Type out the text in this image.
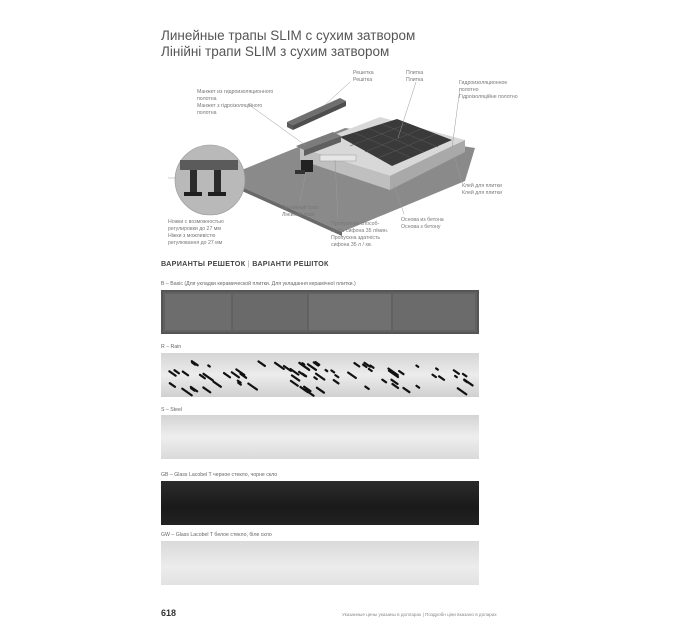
Линейные трапы SLIM с сухим затвором
Лінійні трапи SLIM з сухим затвором
Решетка
Решітка
Плитка
Плитка	Гидроизоляционное
полотно
Гідроізоляційне полотно
Манжет из гидроизоляционного
полотна
Манжет з гідроізоляційного
полотна
Ножки с возможностью
регулировки до 27 мм
Ніжки з можливістю
регулювання до 27 мм
Линейный трап
Лінійний трап
Пропускная способ-
ность сифона 35 л/мин.
Пропускна здатність
сифона 35 л / хв.
Основа из бетона
Основа з бетону
Клей для плитки
Клей для плитки
ВАРИАНТЫ РЕШЕТОК | ВАРІАНТИ РЕШІТОК
B – Basic (Для укладки керамической плитки. Для укладання керамічної плитки.)
R – Rain
S – Steel
GB – Glass Lacobel T черное стекло, чорне скло
GW – Glass Lacobel T белое стекло, біле скло
618	Указанные цены указаны в долларах | Поздробн ціни вказано в доларах
